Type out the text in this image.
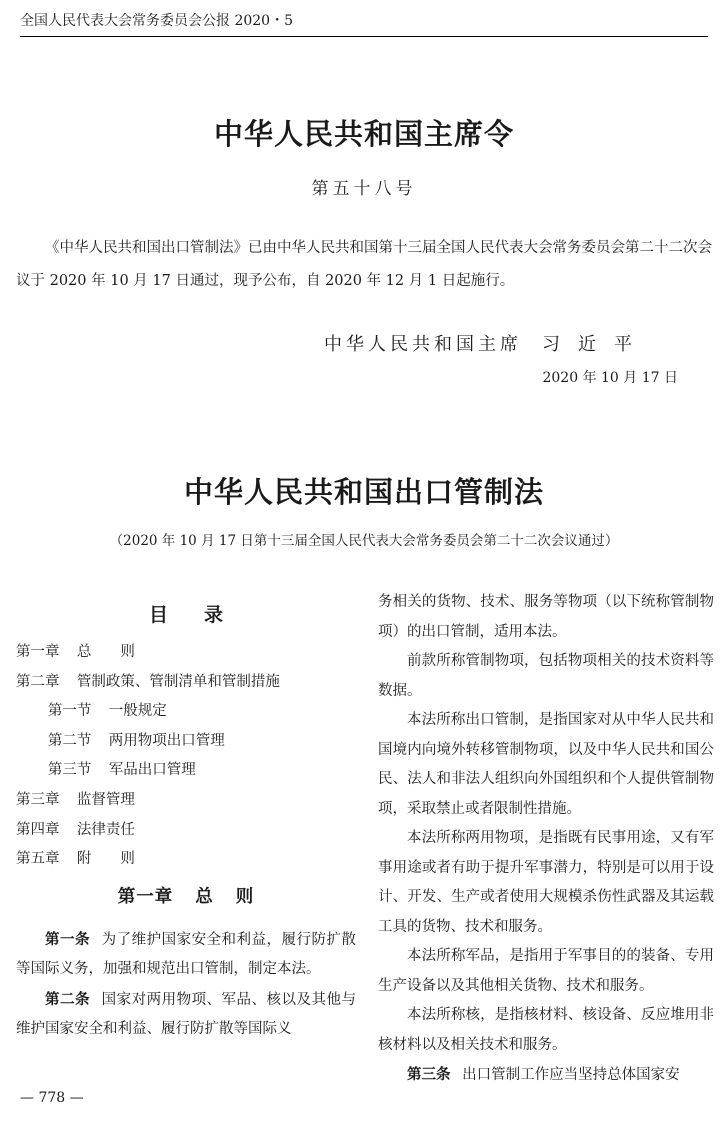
全国人民代表大会常务委员会公报 2020・5
中华人民共和国主席令
第五十八号
《中华人民共和国出口管制法》已由中华人民共和国第十三届全国人民代表大会常务委员会第二十二次会议于 2020 年 10 月 17 日通过，现予公布，自 2020 年 12 月 1 日起施行。
中华人民共和国主席 习近平
2020 年 10 月 17 日
中华人民共和国出口管制法
（2020 年 10 月 17 日第十三届全国人民代表大会常务委员会第二十二次会议通过）
目录
第一章 总　　则
第二章 管制政策、管制清单和管制措施
第一节 一般规定
第二节 两用物项出口管理
第三节 军品出口管理
第三章 监督管理
第四章 法律责任
第五章 附　　则
第一章 总 则
第一条 为了维护国家安全和利益，履行防扩散等国际义务，加强和规范出口管制，制定本法。
第二条 国家对两用物项、军品、核以及其他与维护国家安全和利益、履行防扩散等国际义
务相关的货物、技术、服务等物项（以下统称管制物项）的出口管制，适用本法。
前款所称管制物项，包括物项相关的技术资料等数据。
本法所称出口管制，是指国家对从中华人民共和国境内向境外转移管制物项，以及中华人民共和国公民、法人和非法人组织向外国组织和个人提供管制物项，采取禁止或者限制性措施。
本法所称两用物项，是指既有民事用途，又有军事用途或者有助于提升军事潜力，特别是可以用于设计、开发、生产或者使用大规模杀伤性武器及其运载工具的货物、技术和服务。
本法所称军品，是指用于军事目的的装备、专用生产设备以及其他相关货物、技术和服务。
本法所称核，是指核材料、核设备、反应堆用非核材料以及相关技术和服务。
第三条 出口管制工作应当坚持总体国家安
— 778 —
